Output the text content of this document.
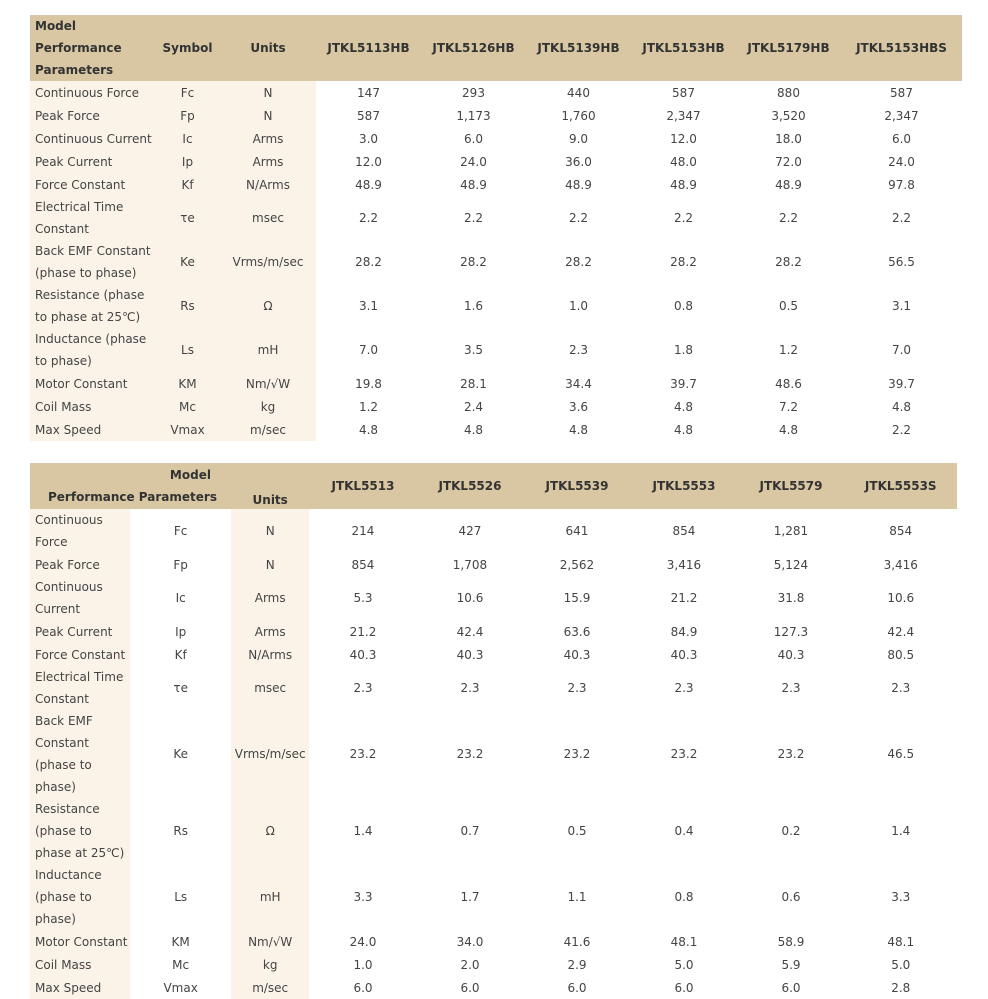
Model
Performance
Parameters	Symbol	Units	JTKL5113HB	JTKL5126HB	JTKL5139HB	JTKL5153HB	JTKL5179HB	JTKL5153HBS
Continuous Force	Fc	N	147	293	440	587	880	587
Peak Force	Fp	N	587	1,173	1,760	2,347	3,520	2,347
Continuous Current	Ic	Arms	3.0	6.0	9.0	12.0	18.0	6.0
Peak Current	Ip	Arms	12.0	24.0	36.0	48.0	72.0	24.0
Force Constant	Kf	N/Arms	48.9	48.9	48.9	48.9	48.9	97.8
Electrical Time Constant	τe	msec	2.2	2.2	2.2	2.2	2.2	2.2
Back EMF Constant (phase to phase)	Ke	Vrms/m/sec	28.2	28.2	28.2	28.2	28.2	56.5
Resistance (phase to phase at 25℃)	Rs	Ω	3.1	1.6	1.0	0.8	0.5	3.1
Inductance (phase to phase)	Ls	mH	7.0	3.5	2.3	1.8	1.2	7.0
Motor Constant	KM	Nm/√W	19.8	28.1	34.4	39.7	48.6	39.7
Coil Mass	Mc	kg	1.2	2.4	3.6	4.8	7.2	4.8
Max Speed	Vmax	m/sec	4.8	4.8	4.8	4.8	4.8	2.2
Model
Performance Parameters		Units	JTKL5513	JTKL5526	JTKL5539	JTKL5553	JTKL5579	JTKL5553S
Continuous Force	Fc	N	214	427	641	854	1,281	854
Peak Force	Fp	N	854	1,708	2,562	3,416	5,124	3,416
Continuous Current	Ic	Arms	5.3	10.6	15.9	21.2	31.8	10.6
Peak Current	Ip	Arms	21.2	42.4	63.6	84.9	127.3	42.4
Force Constant	Kf	N/Arms	40.3	40.3	40.3	40.3	40.3	80.5
Electrical Time Constant	τe	msec	2.3	2.3	2.3	2.3	2.3	2.3
Back EMF Constant (phase to phase)	Ke	Vrms/m/sec	23.2	23.2	23.2	23.2	23.2	46.5
Resistance (phase to phase at 25℃)	Rs	Ω	1.4	0.7	0.5	0.4	0.2	1.4
Inductance (phase to phase)	Ls	mH	3.3	1.7	1.1	0.8	0.6	3.3
Motor Constant	KM	Nm/√W	24.0	34.0	41.6	48.1	58.9	48.1
Coil Mass	Mc	kg	1.0	2.0	2.9	5.0	5.9	5.0
Max Speed	Vmax	m/sec	6.0	6.0	6.0	6.0	6.0	2.8
